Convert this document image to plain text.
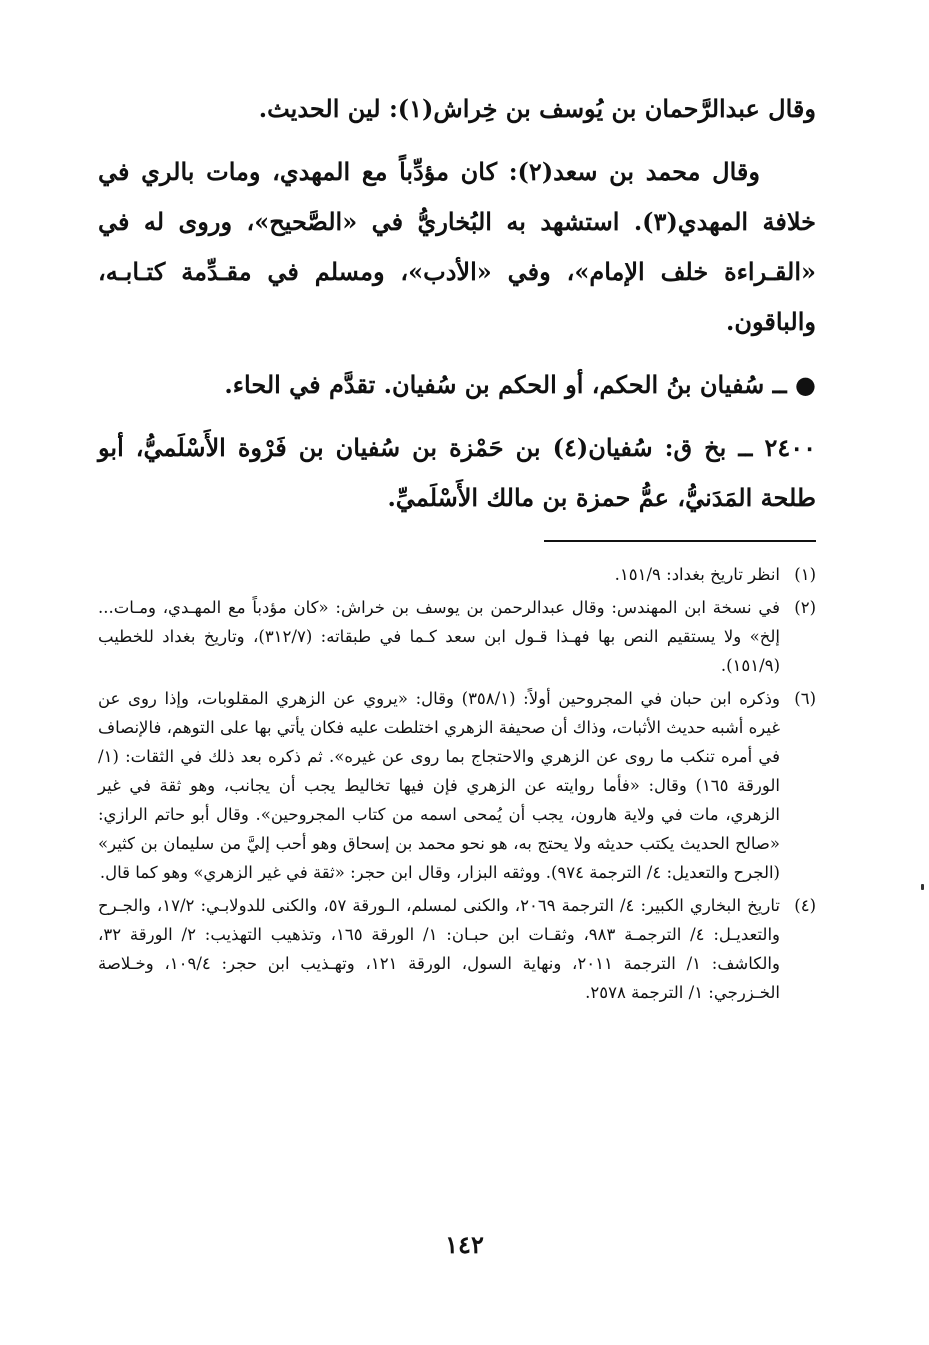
وقال عبدالرَّحمان بن يُوسف بن خِراش(١): لين الحديث.

وقال محمد بن سعد(٢): كان مؤدِّباً مع المهدي، ومات بالري في خلافة المهدي(٣). استشهد به البُخاريُّ في «الصَّحيح»، وروى له في «القـراءة خلف الإمام»، وفي «الأدب»، ومسلم في مقـدِّمة كتـابـه، والباقون.

● ــ سُفيان بنُ الحكم، أو الحكم بن سُفيان. تقدَّم في الحاء.

٢٤٠٠ ــ بخ ق: سُفيان(٤) بن حَمْزة بن سُفيان بن فَرْوة الأَسْلَميُّ، أبو طلحة المَدَنيُّ، عمُّ حمزة بن مالك الأَسْلَميِّ.

(١)
انظر تاريخ بغداد: ١٥١/٩.
(٢)
في نسخة ابن المهندس: وقال عبدالرحمن بن يوسف بن خراش: «كان مؤدباً مع المهـدي، ومـات... إلخ» ولا يستقيم النص بها فهـذا قـول ابن سعد كـما في طبقاته: (٣١٢/٧)، وتاريخ بغداد للخطيب (١٥١/٩).
(٦)
وذكره ابن حبان في المجروحين أولاً: (٣٥٨/١) وقال: «يروي عن الزهري المقلوبات، وإذا روى عن غيره أشبه حديث الأثبات، وذاك أن صحيفة الزهري اختلطت عليه فكان يأتي بها على التوهم، فالإنصاف في أمره تنكب ما روى عن الزهري والاحتجاج بما روى عن غيره». ثم ذكره بعد ذلك في الثقات: (١/ الورقة ١٦٥) وقال: «فأما روايته عن الزهري فإن فيها تخاليط يجب أن يجانب، وهو ثقة في غير الزهري، مات في ولاية هارون، يجب أن يُمحى اسمه من كتاب المجروحين». وقال أبو حاتم الرازي: «صالح الحديث يكتب حديثه ولا يحتج به، هو نحو محمد بن إسحاق وهو أحب إليَّ من سليمان بن كثير» (الجرح والتعديل: ٤/ الترجمة ٩٧٤). ووثقه البزار، وقال ابن حجر: «ثقة في غير الزهري» وهو كما قال.
(٤)
تاريخ البخاري الكبير: ٤/ الترجمة ٢٠٦٩، والكنى لمسلم، الـورقة ٥٧، والكنى للدولابـي: ١٧/٢، والجـرح والتعديـل: ٤/ الترجمـة ٩٨٣، وثقـات ابن حبـان: ١/ الورقة ١٦٥، وتذهيب التهذيب: ٢/ الورقة ٣٢، والكاشف: ١/ الترجمة ٢٠١١، ونهاية السول، الورقة ١٢١، وتهـذيب ابن حجر: ١٠٩/٤، وخـلاصة الخـزرجي: ١/ الترجمة ٢٥٧٨.
١٤٢
